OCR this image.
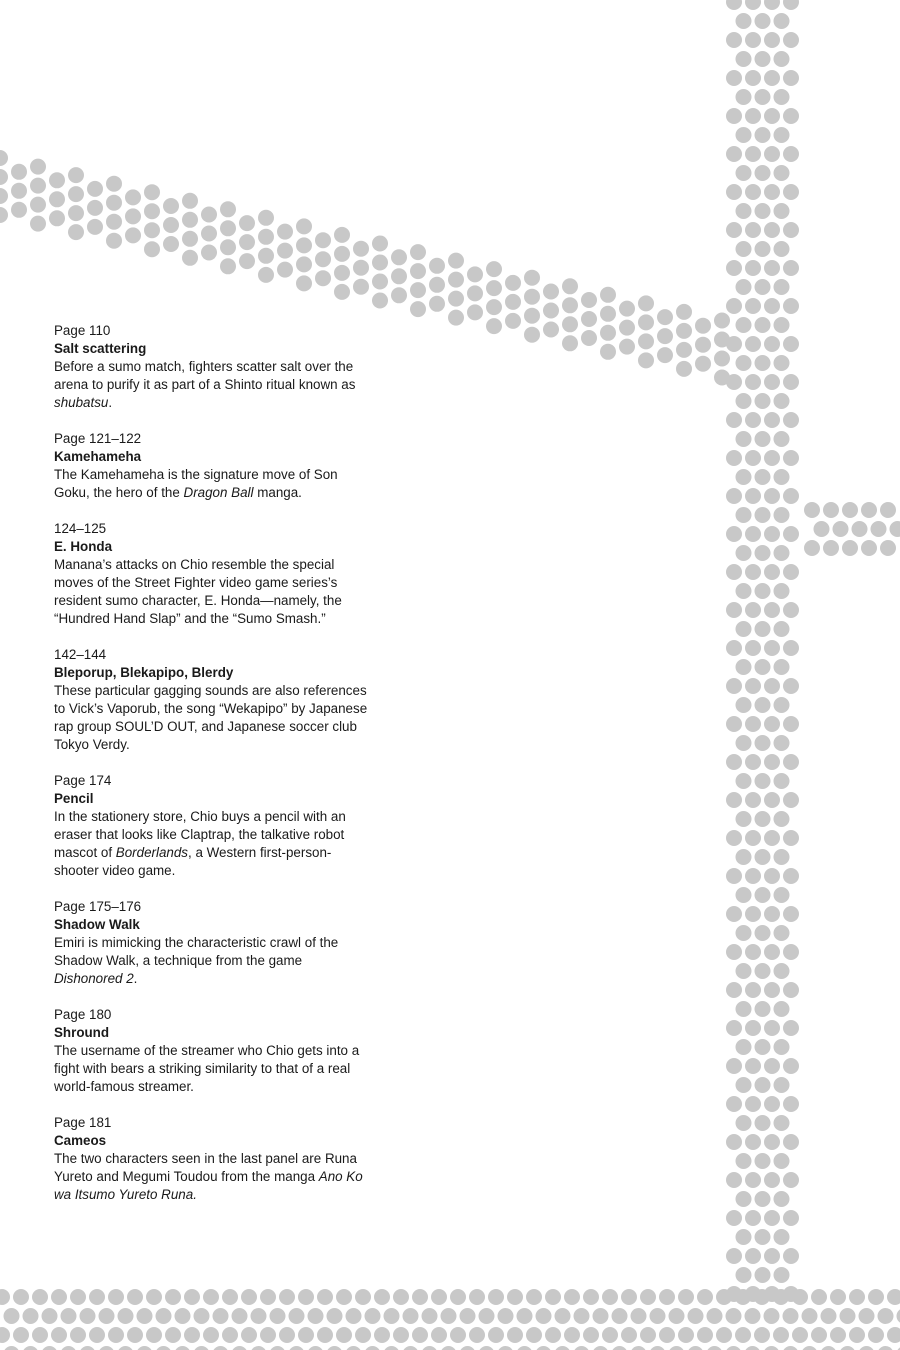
Page 110
Salt scattering
Before a sumo match, fighters scatter salt over the arena to purify it as part of a Shinto ritual known as shubatsu.
Page 121–122
Kamehameha
The Kamehameha is the signature move of Son Goku, the hero of the Dragon Ball manga.
124–125
E. Honda
Manana’s attacks on Chio resemble the special moves of the Street Fighter video game series’s resident sumo character, E. Honda—namely, the “Hundred Hand Slap” and the “Sumo Smash.”
142–144
Bleporup, Blekapipo, Blerdy
These particular gagging sounds are also references to Vick’s Vaporub, the song “Wekapipo” by Japanese rap group SOUL’D OUT, and Japanese soccer club Tokyo Verdy.
Page 174
Pencil
In the stationery store, Chio buys a pencil with an eraser that looks like Claptrap, the talkative robot mascot of Borderlands, a Western first-person-shooter video game.
Page 175–176
Shadow Walk
Emiri is mimicking the characteristic crawl of the Shadow Walk, a technique from the game Dishonored 2.
Page 180
Shround
The username of the streamer who Chio gets into a fight with bears a striking similarity to that of a real world-famous streamer.
Page 181
Cameos
The two characters seen in the last panel are Runa Yureto and Megumi Toudou from the manga Ano Ko wa Itsumo Yureto Runa.
